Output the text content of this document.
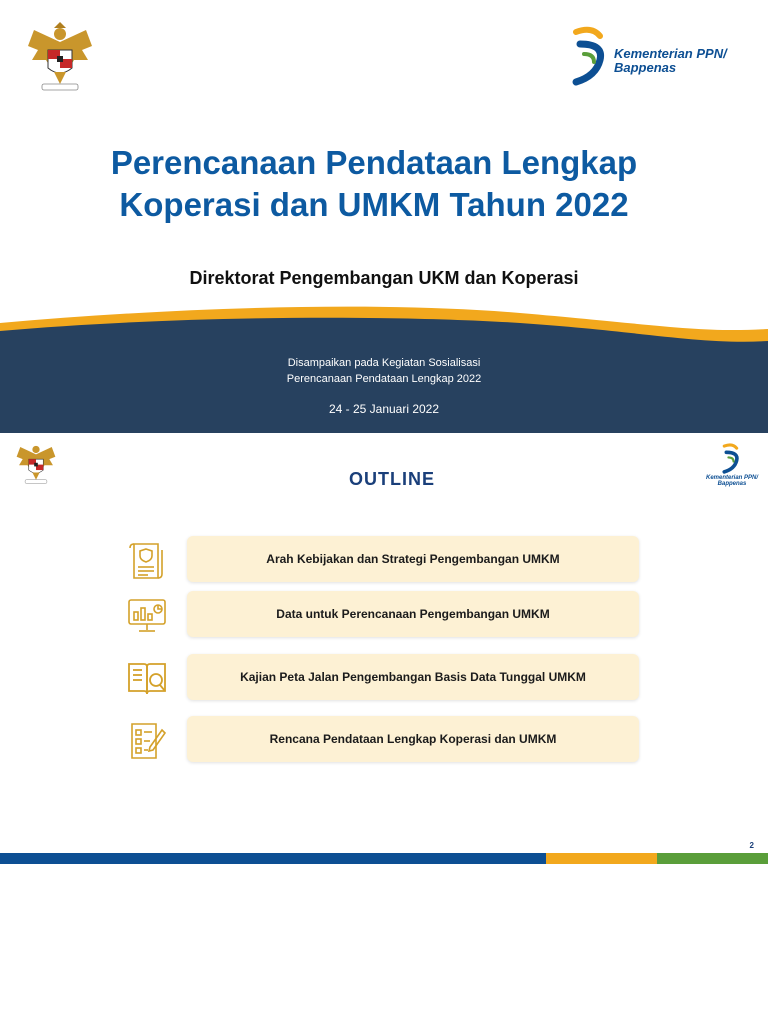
Kementerian PPN/
Bappenas
Perencanaan Pendataan Lengkap
Koperasi dan UMKM Tahun 2022
Direktorat Pengembangan UKM dan Koperasi
Disampaikan pada Kegiatan Sosialisasi
Perencanaan Pendataan Lengkap 2022
24 - 25 Januari 2022
Kementerian PPN/
Bappenas
OUTLINE
Arah Kebijakan dan Strategi Pengembangan UMKM
Data untuk Perencanaan Pengembangan UMKM
Kajian Peta Jalan Pengembangan Basis Data Tunggal UMKM
Rencana Pendataan Lengkap Koperasi dan UMKM
2
